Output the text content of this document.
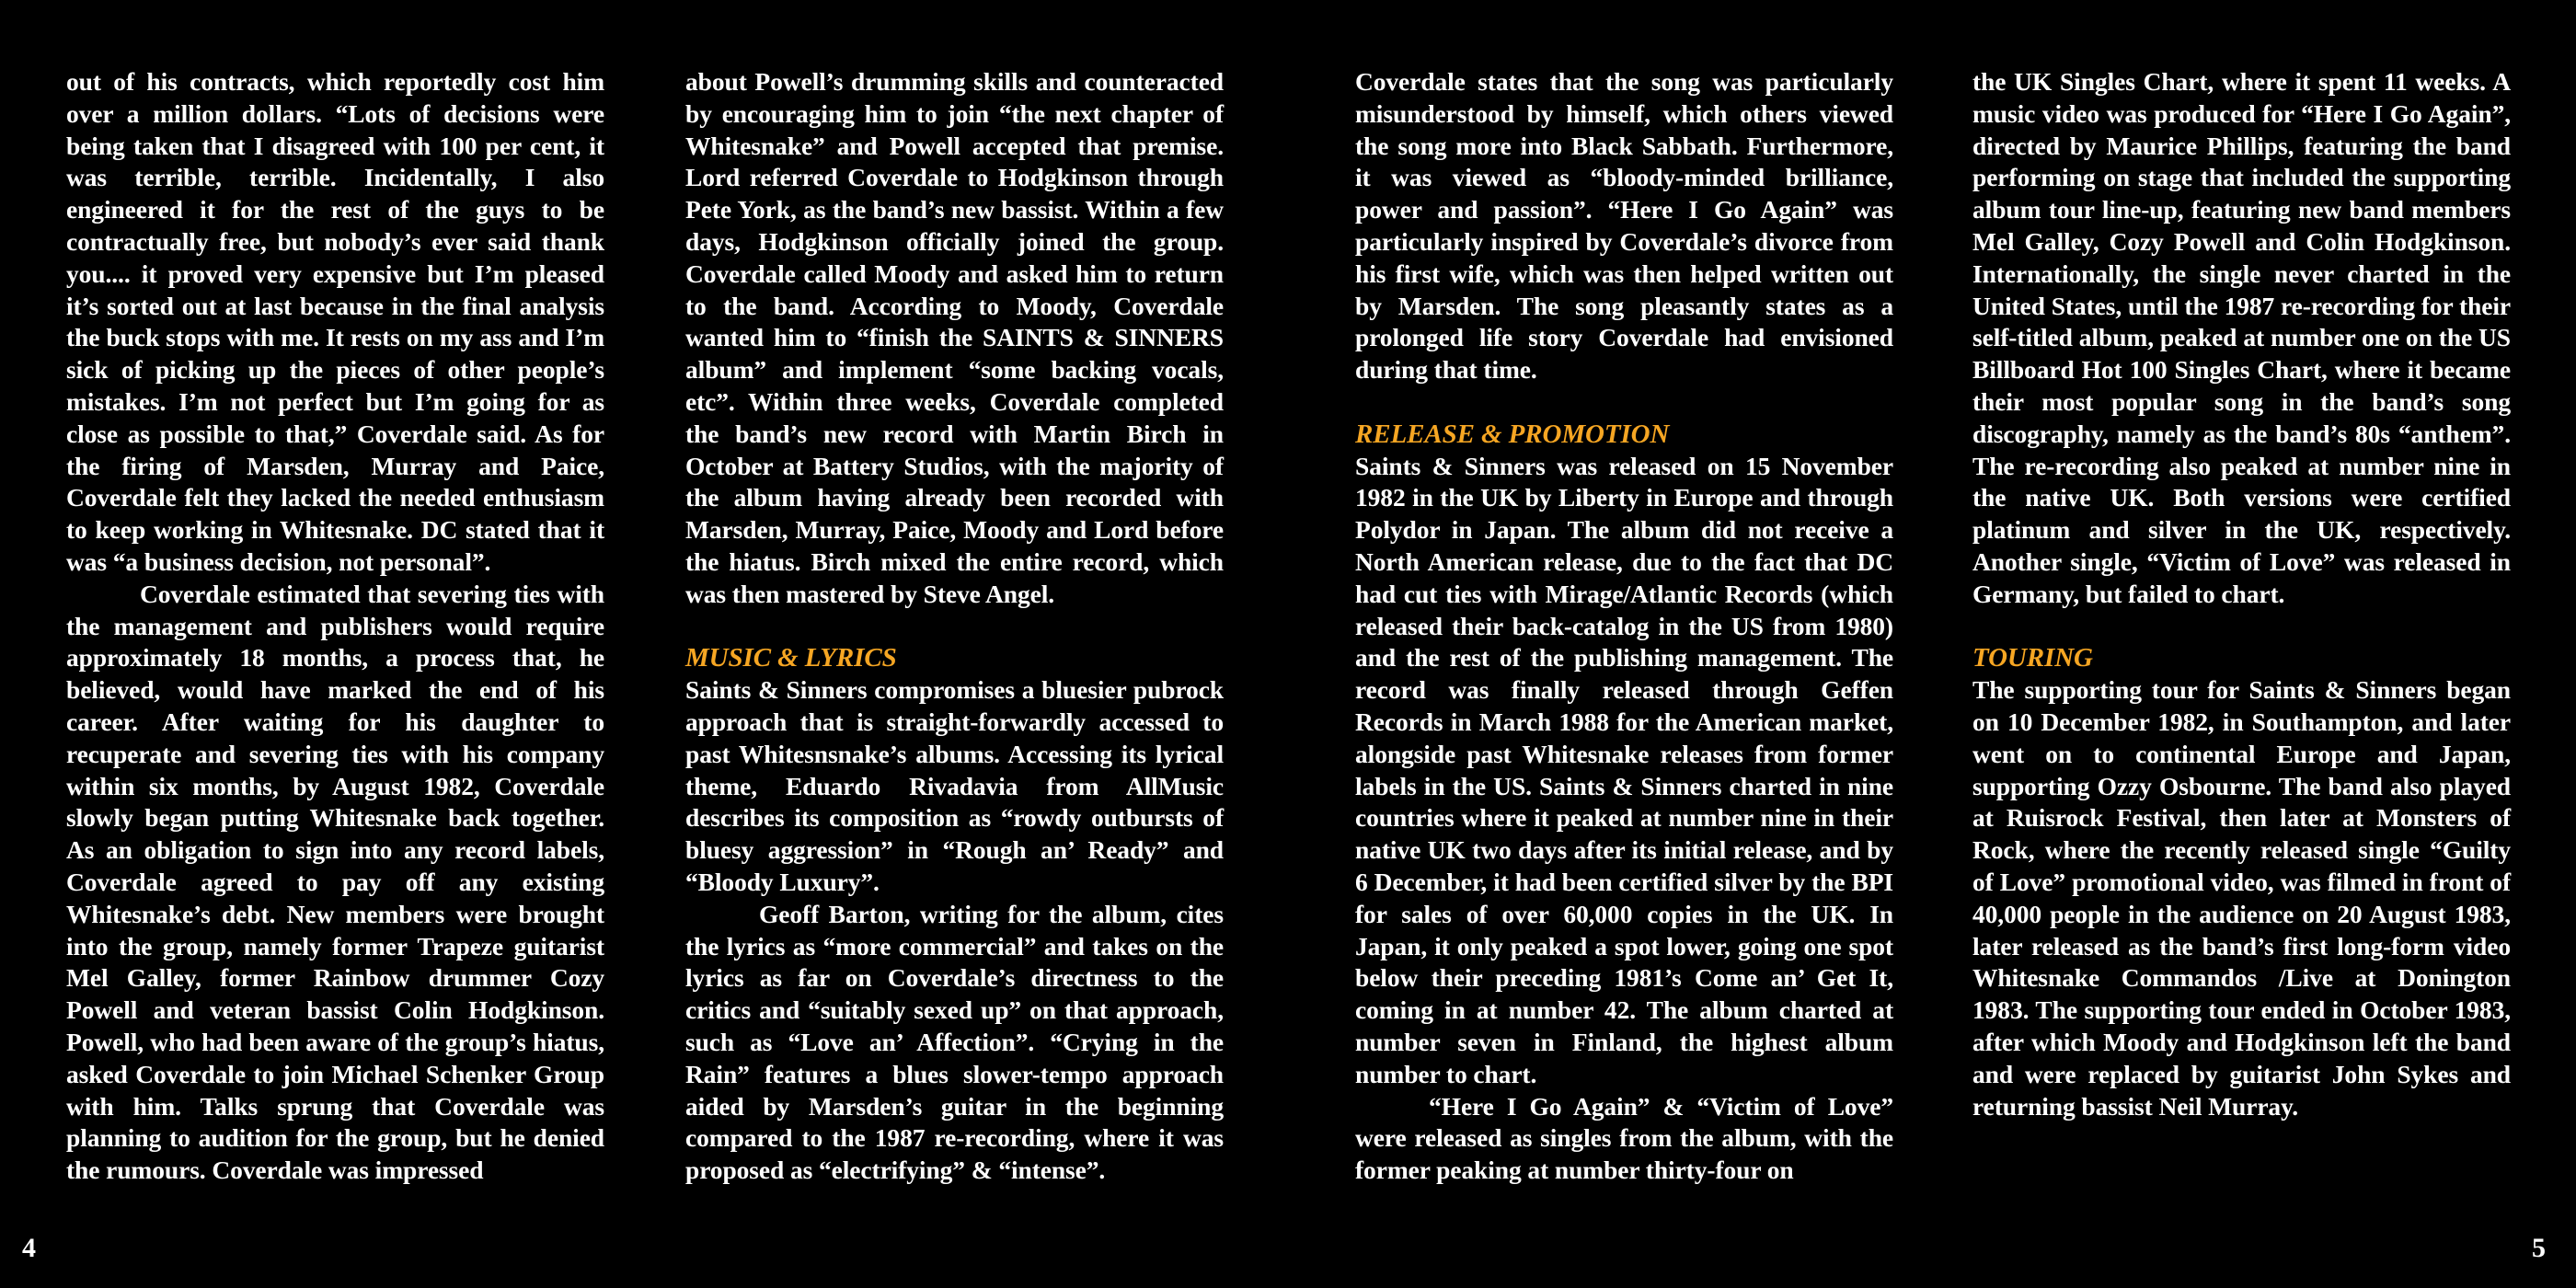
out of his contracts, which reportedly cost him over a million dollars. “Lots of decisions were being taken that I disagreed with 100 per cent, it was terrible, terrible. Incidentally, I also engineered it for the rest of the guys to be contractually free, but nobody’s ever said thank you.... it proved very expensive but I’m pleased it’s sorted out at last because in the final analysis the buck stops with me. It rests on my ass and I’m sick of picking up the pieces of other people’s mistakes. I’m not perfect but I’m going for as close as possible to that,” Coverdale said. As for the firing of Marsden, Murray and Paice, Coverdale felt they lacked the needed enthusiasm to keep working in Whitesnake. DC stated that it was “a business decision, not personal”.

Coverdale estimated that severing ties with the management and publishers would require approximately 18 months, a process that, he believed, would have marked the end of his career. After waiting for his daughter to recuperate and severing ties with his company within six months, by August 1982, Coverdale slowly began putting Whitesnake back together. As an obligation to sign into any record labels, Coverdale agreed to pay off any existing Whitesnake’s debt. New members were brought into the group, namely former Trapeze guitarist Mel Galley, former Rainbow drummer Cozy Powell and veteran bassist Colin Hodgkinson. Powell, who had been aware of the group’s hiatus, asked Coverdale to join Michael Schenker Group with him. Talks sprung that Coverdale was planning to audition for the group, but he denied the rumours. Coverdale was impressed

about Powell’s drumming skills and counteracted by encouraging him to join “the next chapter of Whitesnake” and Powell accepted that premise. Lord referred Coverdale to Hodgkinson through Pete York, as the band’s new bassist. Within a few days, Hodgkinson officially joined the group. Coverdale called Moody and asked him to return to the band. According to Moody, Coverdale wanted him to “finish the SAINTS & SINNERS album” and implement “some backing vocals, etc”. Within three weeks, Coverdale completed the band’s new record with Martin Birch in October at Battery Studios, with the majority of the album having already been recorded with Marsden, Murray, Paice, Moody and Lord before the hiatus. Birch mixed the entire record, which was then mastered by Steve Angel.

MUSIC & LYRICS

Saints & Sinners compromises a bluesier pubrock approach that is straight-forwardly accessed to past Whitesnsnake’s albums. Accessing its lyrical theme, Eduardo Rivadavia from AllMusic describes its composition as “rowdy outbursts of bluesy aggression” in “Rough an’ Ready” and “Bloody Luxury”.

Geoff Barton, writing for the album, cites the lyrics as “more commercial” and takes on the lyrics as far on Coverdale’s directness to the critics and “suitably sexed up” on that approach, such as “Love an’ Affection”. “Crying in the Rain” features a blues slower-tempo approach aided by Marsden’s guitar in the beginning compared to the 1987 re-recording, where it was proposed as “electrifying” & “intense”.

Coverdale states that the song was particularly misunderstood by himself, which others viewed the song more into Black Sabbath. Furthermore, it was viewed as “bloody-minded brilliance, power and passion”. “Here I Go Again” was particularly inspired by Coverdale’s divorce from his first wife, which was then helped written out by Marsden. The song pleasantly states as a prolonged life story Coverdale had envisioned during that time.

RELEASE & PROMOTION

Saints & Sinners was released on 15 November 1982 in the UK by Liberty in Europe and through Polydor in Japan. The album did not receive a North American release, due to the fact that DC had cut ties with Mirage/Atlantic Records (which released their back-catalog in the US from 1980) and the rest of the publishing management. The record was finally released through Geffen Records in March 1988 for the American market, alongside past Whitesnake releases from former labels in the US. Saints & Sinners charted in nine countries where it peaked at number nine in their native UK two days after its initial release, and by 6 December, it had been certified silver by the BPI for sales of over 60,000 copies in the UK. In Japan, it only peaked a spot lower, going one spot below their preceding 1981’s Come an’ Get It, coming in at number 42. The album charted at number seven in Finland, the highest album number to chart.

“Here I Go Again” & “Victim of Love” were released as singles from the album, with the former peaking at number thirty-four on

the UK Singles Chart, where it spent 11 weeks. A music video was produced for “Here I Go Again”, directed by Maurice Phillips, featuring the band performing on stage that included the supporting album tour line-up, featuring new band members Mel Galley, Cozy Powell and Colin Hodgkinson. Internationally, the single never charted in the United States, until the 1987 re-recording for their self-titled album, peaked at number one on the US Billboard Hot 100 Singles Chart, where it became their most popular song in the band’s song discography, namely as the band’s 80s “anthem”. The re-recording also peaked at number nine in the native UK. Both versions were certified platinum and silver in the UK, respectively. Another single, “Victim of Love” was released in Germany, but failed to chart.

TOURING

The supporting tour for Saints & Sinners began on 10 December 1982, in Southampton, and later went on to continental Europe and Japan, supporting Ozzy Osbourne. The band also played at Ruisrock Festival, then later at Monsters of Rock, where the recently released single “Guilty of Love” promotional video, was filmed in front of 40,000 people in the audience on 20 August 1983, later released as the band’s first long-form video Whitesnake Commandos /Live at Donington 1983. The supporting tour ended in October 1983, after which Moody and Hodgkinson left the band and were replaced by guitarist John Sykes and returning bassist Neil Murray.

4	5
